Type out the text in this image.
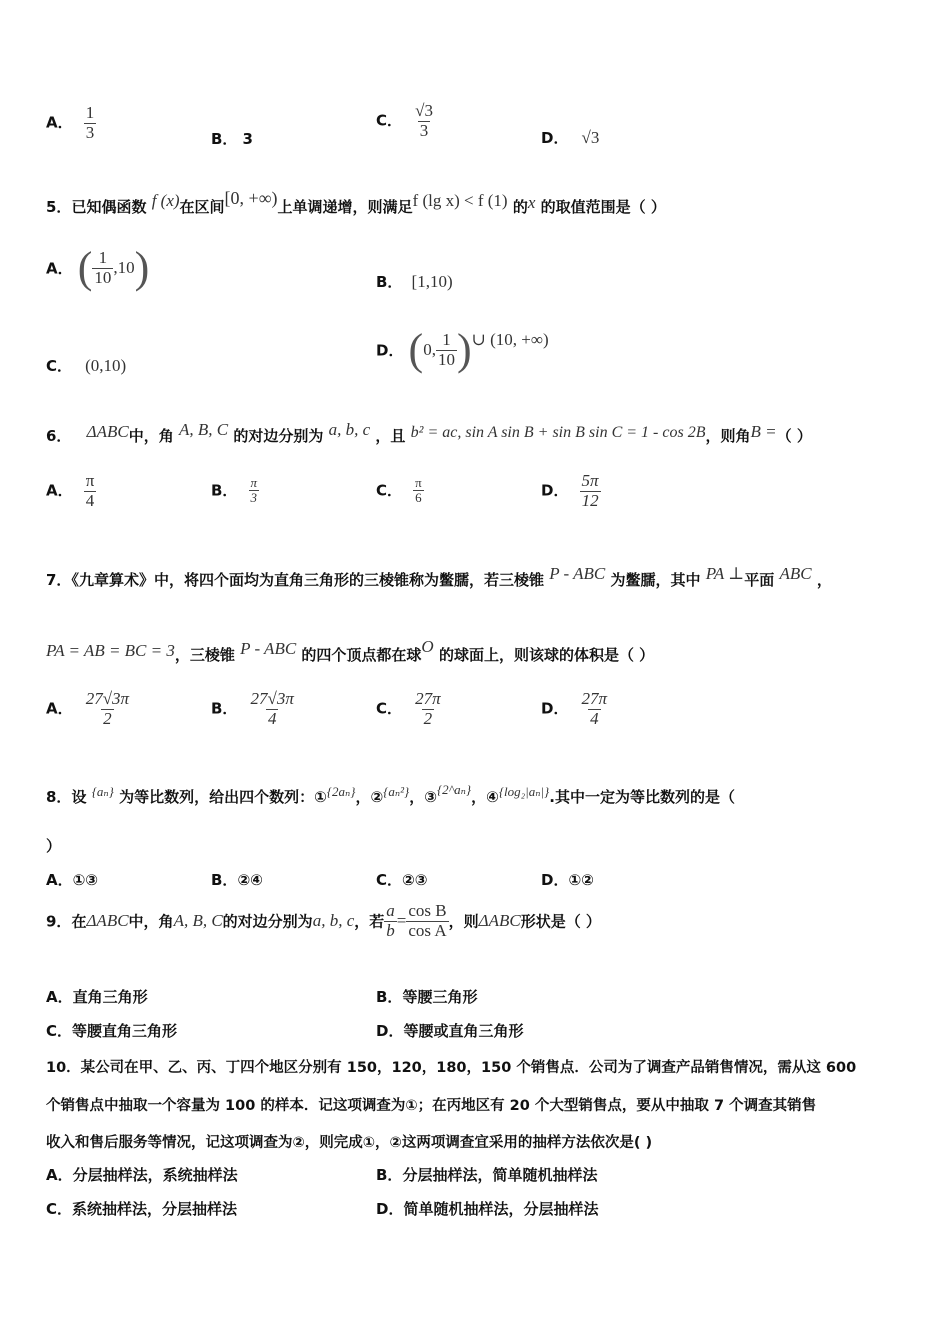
A． $\frac{1}{3}$	B． 3
C． $\frac{√3}{3}$	D． √3
5．已知偶函数 f (x)在区间[0, +∞)上单调递增，则满足f (lg x) < f (1) 的x 的取值范围是（ ）
A． ( $\frac{1}{10} ,10$)	B． [1,10)
C． (0,10)
D． (0, $\frac{1}{10}$ )∪ (10, +∞)
6． ΔABC中，角 A, B, C 的对边分别为 a, b, c ，且 b² = ac, sin A sin B + sin B sin C = 1 - cos 2B，则角B =（ ）
A． $\frac{\pi}{4}$	B． $\frac{\pi}{3}$	C． $\frac{\pi}{6}$	D． $\frac{5\pi}{12}$
7．《九章算术》中，将四个面均为直角三角形的三棱锥称为鳖臑，若三棱锥 P - ABC 为鳖臑，其中 PA ⊥平面 ABC ，
PA = AB = BC = 3，三棱锥 P - ABC 的四个顶点都在球O 的球面上，则该球的体积是（ ）
A． $\frac{27√3\pi}{2}$	B． $\frac{27√3\pi}{4}$	C． $\frac{27\pi}{2}$	D． $\frac{27\pi}{4}$
8．设 {aₙ} 为等比数列，给出四个数列：①{2aₙ}，②{aₙ²}，③{2^aₙ}，④{log₂|aₙ|}.其中一定为等比数列的是（
）
A．①③	B．②④	C．②③	D．①②
9．在ΔABC中，角A, B, C的对边分别为a, b, c，若 $\frac{a}{b} = \frac{\text{cos B}}{\text{cos A}}$ ，则ΔABC形状是（ ）
A．直角三角形	B．等腰三角形
C．等腰直角三角形	D．等腰或直角三角形
10．某公司在甲、乙、丙、丁四个地区分别有 150，120，180，150 个销售点．公司为了调查产品销售情况，需从这 600
个销售点中抽取一个容量为 100 的样本．记这项调查为①；在丙地区有 20 个大型销售点，要从中抽取 7 个调查其销售
收入和售后服务等情况，记这项调查为②，则完成①，②这两项调查宜采用的抽样方法依次是( )
A．分层抽样法，系统抽样法	B．分层抽样法，简单随机抽样法
C．系统抽样法，分层抽样法	D．简单随机抽样法，分层抽样法
